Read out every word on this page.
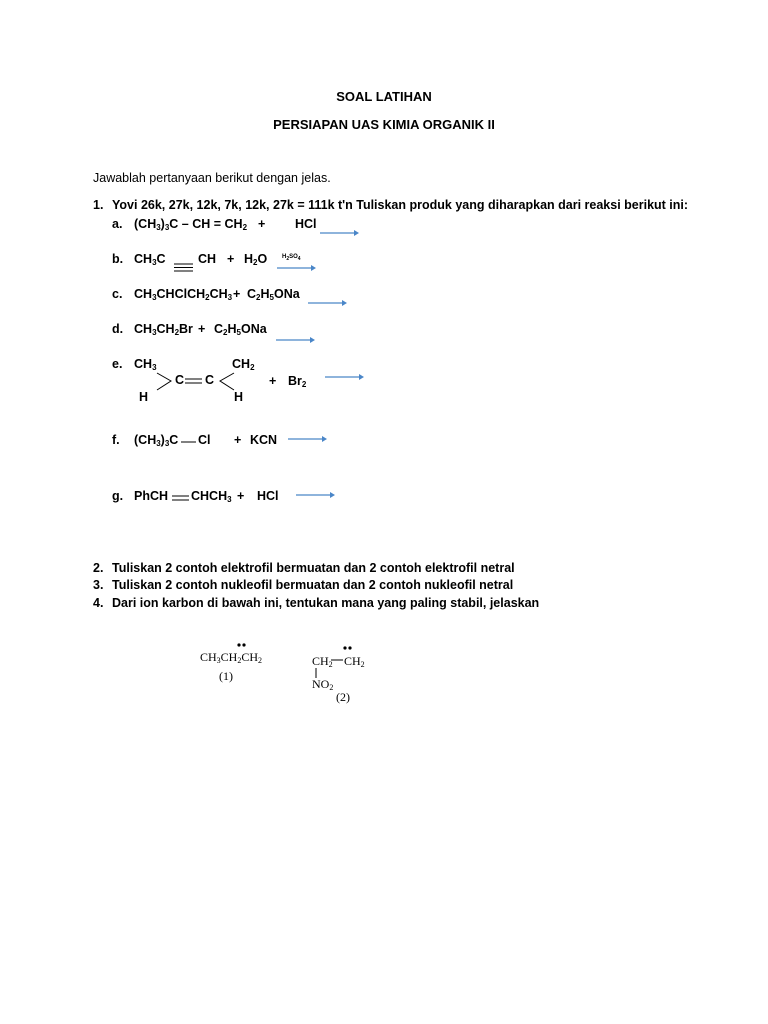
SOAL LATIHAN
PERSIAPAN UAS KIMIA ORGANIK II
Jawablah pertanyaan berikut dengan jelas.
1. Yovi 26k, 27k, 12k, 7k, 12k, 27k = 111k t'n Tuliskan produk yang diharapkan dari reaksi berikut ini:
a. $(CH_3)_3C$ – CH = $CH_2$ + HCl
b. $CH_3C$	CH + $H_2O$ $H_2SO_4$
c. $CH_3CHClCH_2CH_3 + C_2H_5ONa$
d. $CH_3CH_2Br + C_2H_5ONa$
e. $CH_3$	$CH_2$
C C
H	H
+ $Br_2$
f. $(CH_3)_3C$ Cl + KCN →
g. PhCH $CHCH_3$ + HCl →
2. Tuliskan 2 contoh elektrofil bermuatan dan 2 contoh elektrofil netral
3. Tuliskan 2 contoh nukleofil bermuatan dan 2 contoh nukleofil netral
4. Dari ion karbon di bawah ini, tentukan mana yang paling stabil, jelaskan
$CH_3CH_2CH_2$
(1)
$CH_2$ $CH_2$
$NO_2$
(2)
